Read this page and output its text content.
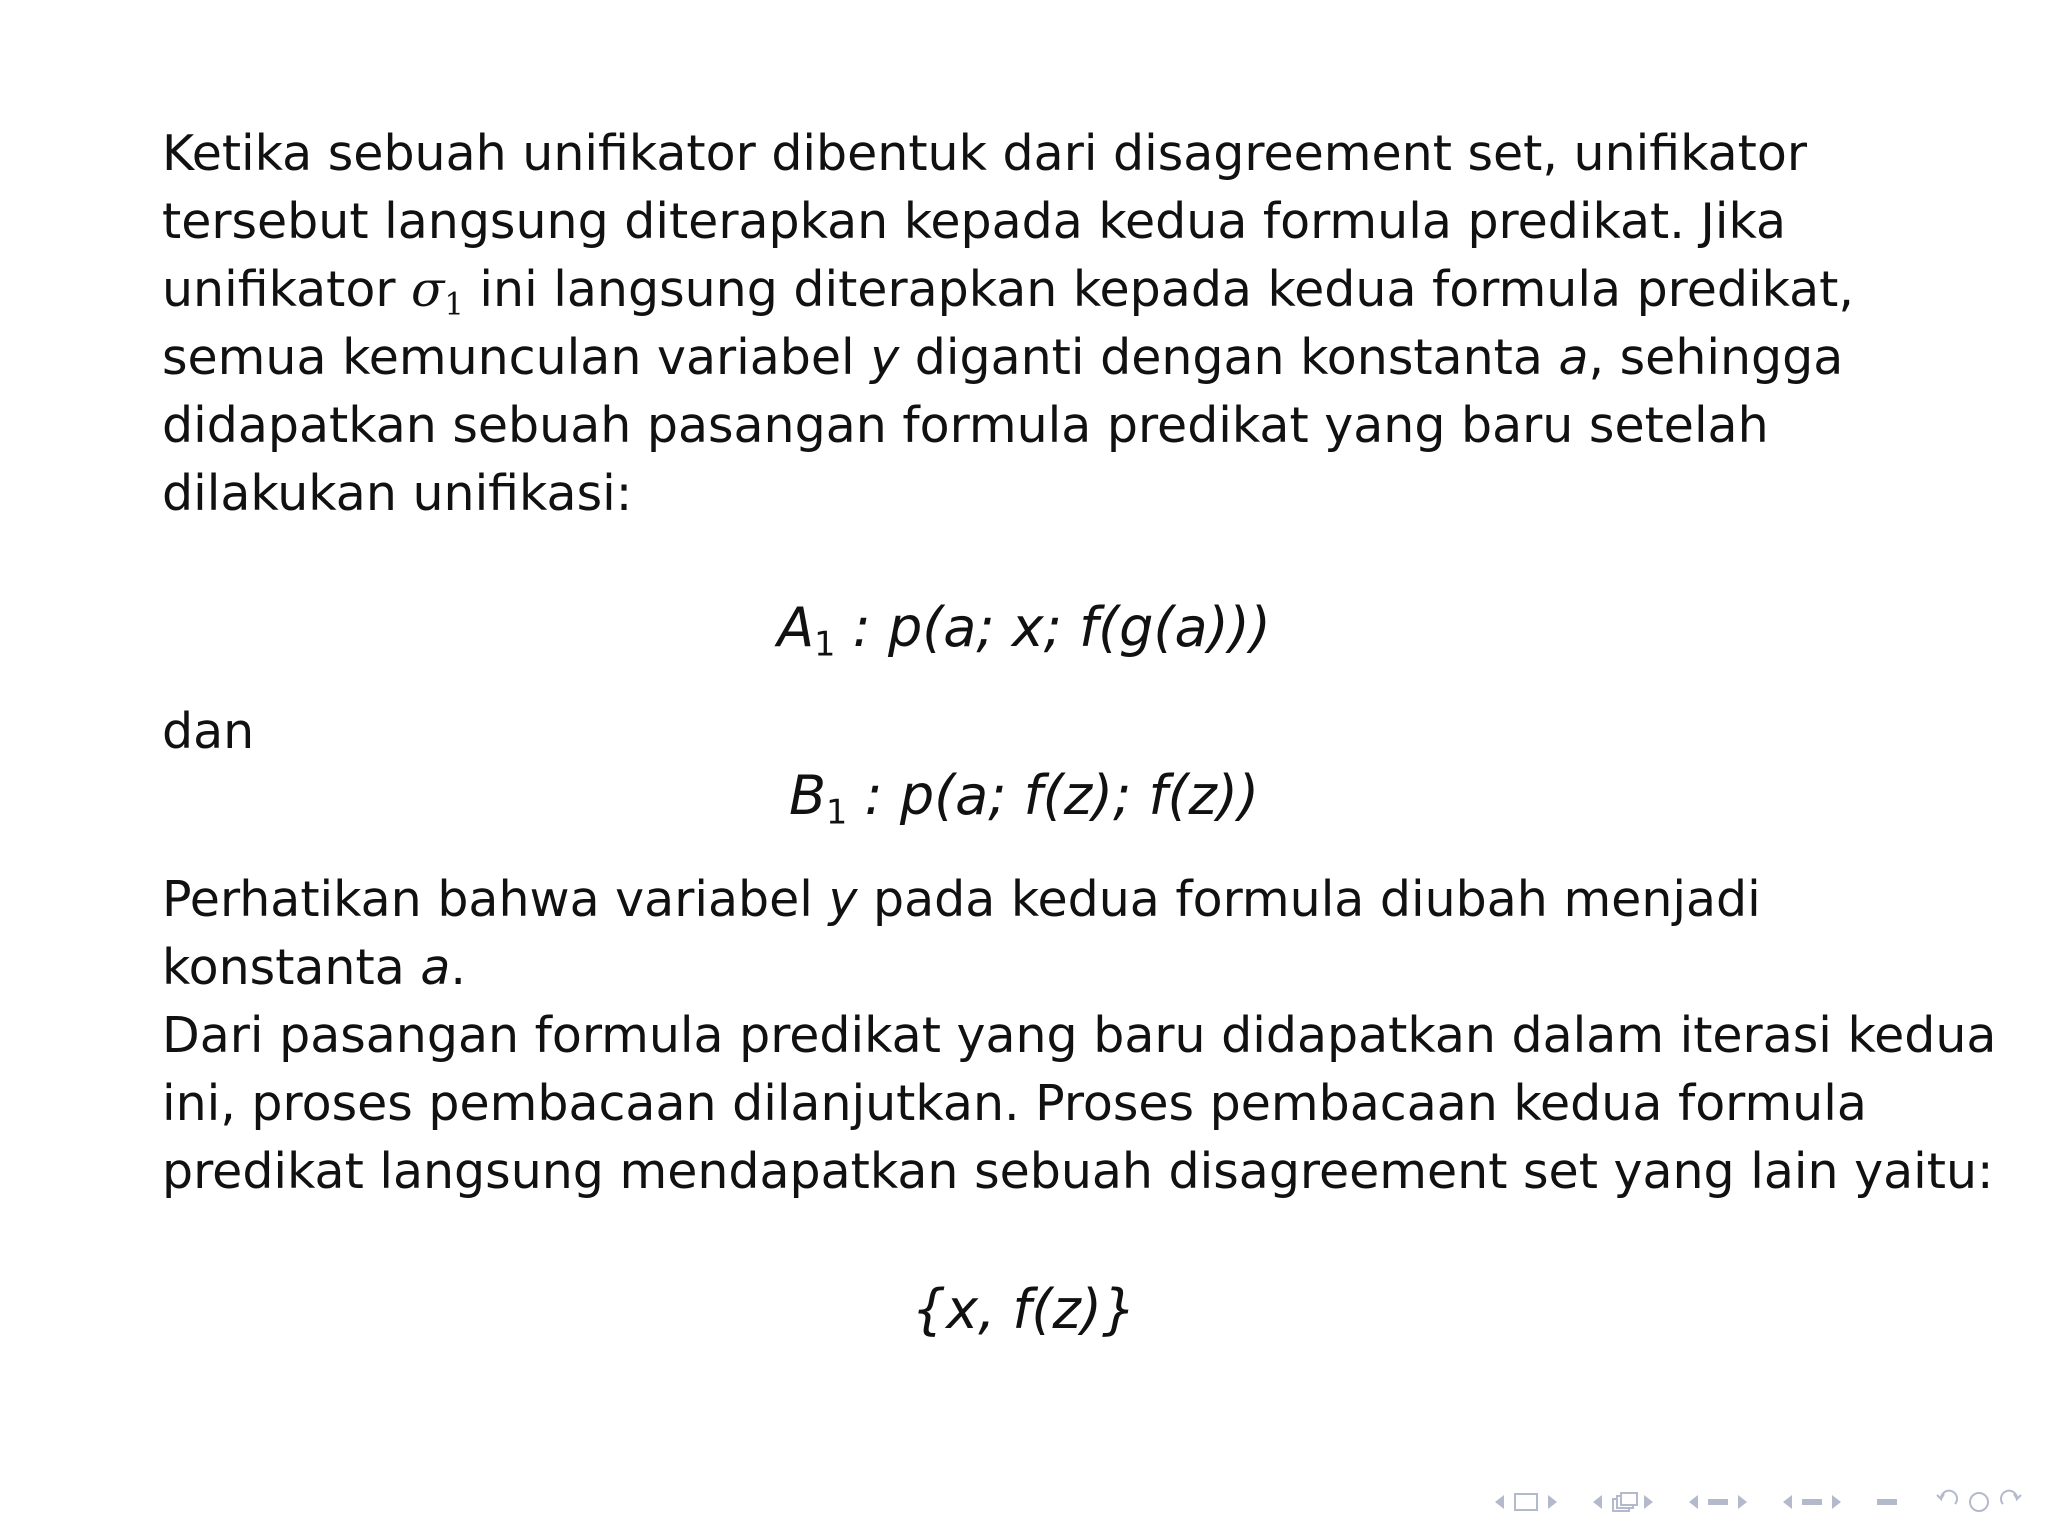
Ketika sebuah unifikator dibentuk dari disagreement set, unifikator
tersebut langsung diterapkan kepada kedua formula predikat. Jika
unifikator $\sigma_1$ ini langsung diterapkan kepada kedua formula predikat,
semua kemunculan variabel y diganti dengan konstanta a, sehingga
didapatkan sebuah pasangan formula predikat yang baru setelah
dilakukan unifikasi:

$A_1$ : p(a; x; f(g(a)))

dan

$B_1$ : p(a; f(z); f(z))

Perhatikan bahwa variabel y pada kedua formula diubah menjadi
konstanta a.

Dari pasangan formula predikat yang baru didapatkan dalam iterasi kedua
ini, proses pembacaan dilanjutkan. Proses pembacaan kedua formula
predikat langsung mendapatkan sebuah disagreement set yang lain yaitu:

{x, f(z)}
